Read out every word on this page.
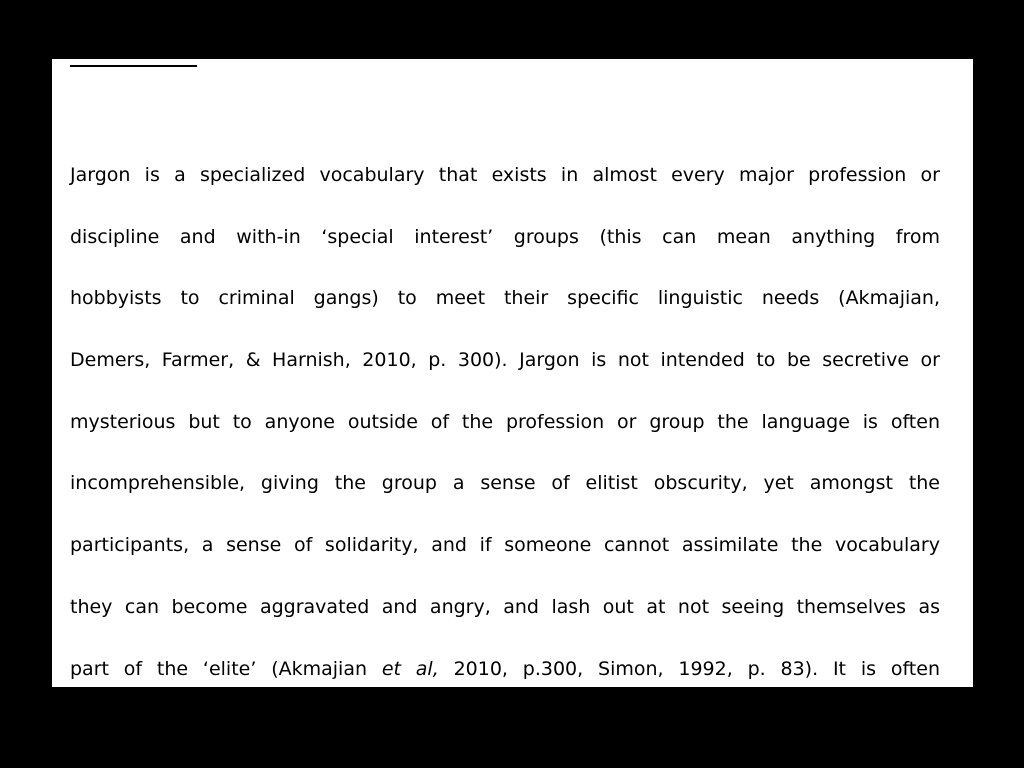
Jargon is a specialized vocabulary that exists in almost every major profession or
discipline and with-in ‘special interest’ groups (this can mean anything from
hobbyists to criminal gangs) to meet their specific linguistic needs (Akmajian,
Demers, Farmer, & Harnish, 2010, p. 300). Jargon is not intended to be secretive or
mysterious but to anyone outside of the profession or group the language is often
incomprehensible, giving the group a sense of elitist obscurity, yet amongst the
participants, a sense of solidarity, and if someone cannot assimilate the vocabulary
they can become aggravated and angry, and lash out at not seeing themselves as
part of the ‘elite’ (Akmajian et al, 2010, p.300, Simon, 1992, p. 83). It is often
